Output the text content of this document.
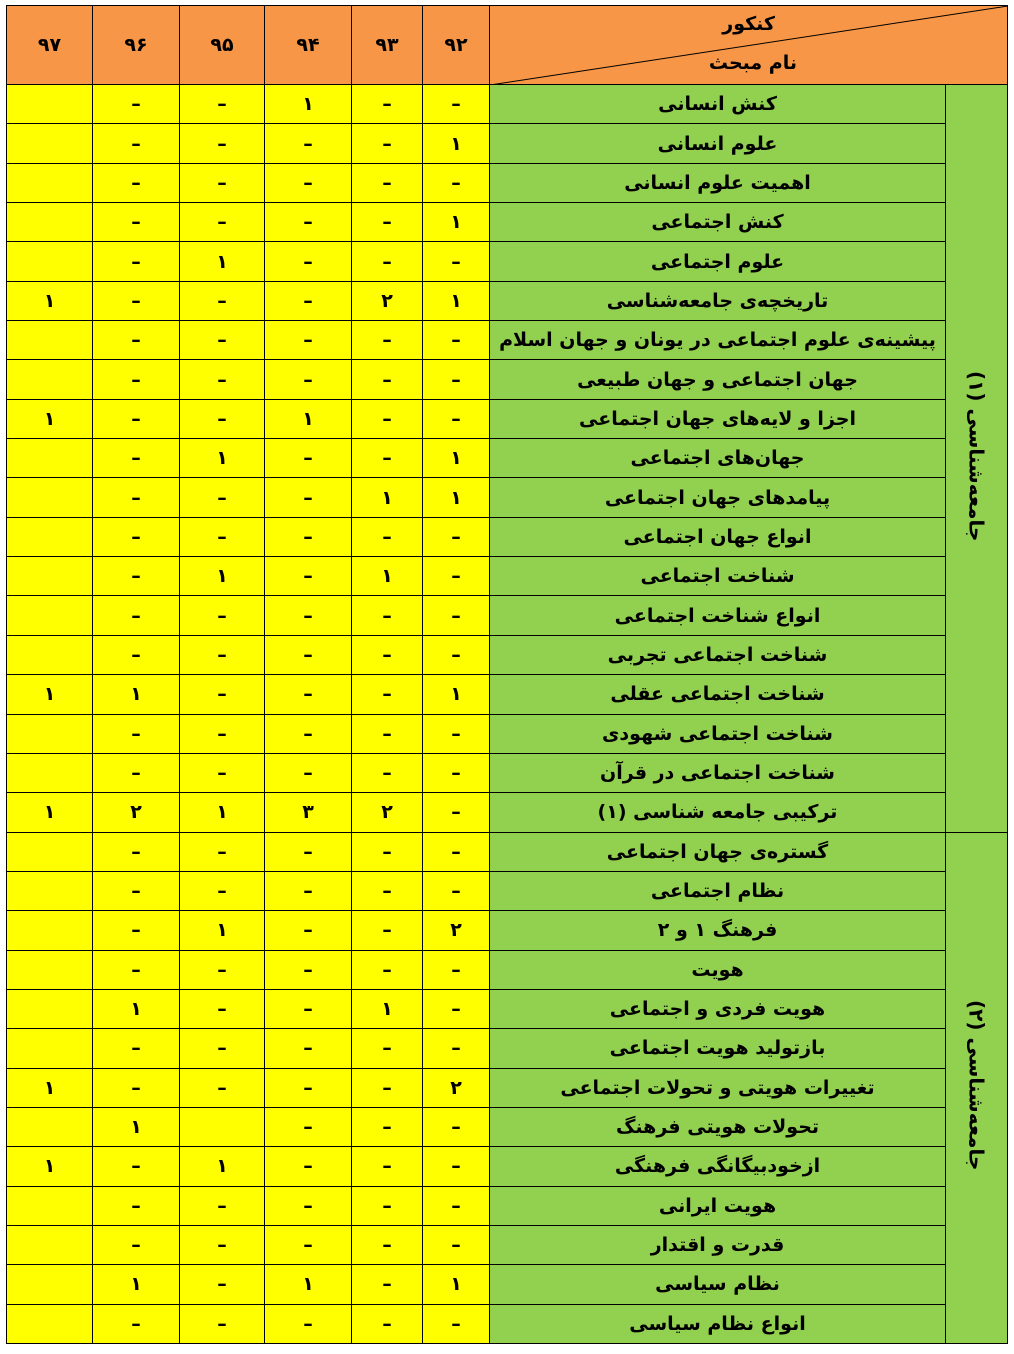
۹۷	۹۶	۹۵	۹۴	۹۳	۹۲	کنکور
نام مبحث	

	–	–	۱	–	–	کنش انسانی	جامعه‌شناسی (۱)
	–	–	–	–	۱	علوم انسانی	
	–	–	–	–	–	اهمیت علوم انسانی	
	–	–	–	–	۱	کنش اجتماعی	
	–	۱	–	–	–	علوم اجتماعی	
۱	–	–	–	۲	۱	تاریخچه‌ی جامعه‌شناسی	
	–	–	–	–	–	پیشینه‌ی علوم اجتماعی در یونان و جهان اسلام	
	–	–	–	–	–	جهان اجتماعی و جهان طبیعی	
۱	–	–	۱	–	–	اجزا و لایه‌های جهان اجتماعی	
	–	۱	–	–	۱	جهان‌های اجتماعی	
	–	–	–	۱	۱	پیامدهای جهان اجتماعی	
	–	–	–	–	–	انواع جهان اجتماعی	
	–	۱	–	۱	–	شناخت اجتماعی	
	–	–	–	–	–	انواع شناخت اجتماعی	
	–	–	–	–	–	شناخت اجتماعی تجربی	
۱	۱	–	–	–	۱	شناخت اجتماعی عقلی	
	–	–	–	–	–	شناخت اجتماعی شهودی	
	–	–	–	–	–	شناخت اجتماعی در قرآن	
۱	۲	۱	۳	۲	–	ترکیبی جامعه شناسی (۱)	
	–	–	–	–	–	گستره‌ی جهان اجتماعی	جامعه‌شناسی (۲)
	–	–	–	–	–	نظام اجتماعی	
	–	۱	–	–	۲	فرهنگ ۱ و ۲	
	–	–	–	–	–	هویت	
	۱	–	–	۱	–	هویت فردی و اجتماعی	
	–	–	–	–	–	بازتولید هویت اجتماعی	
۱	–	–	–	–	۲	تغییرات هویتی و تحولات اجتماعی	
	۱		–	–	–	تحولات هویتی فرهنگ	
۱	–	۱	–	–	–	ازخودبیگانگی فرهنگی	
	–	–	–	–	–	هویت ایرانی	
	–	–	–	–	–	قدرت و اقتدار	
	۱	–	۱	–	۱	نظام سیاسی	
	–	–	–	–	–	انواع نظام سیاسی	
